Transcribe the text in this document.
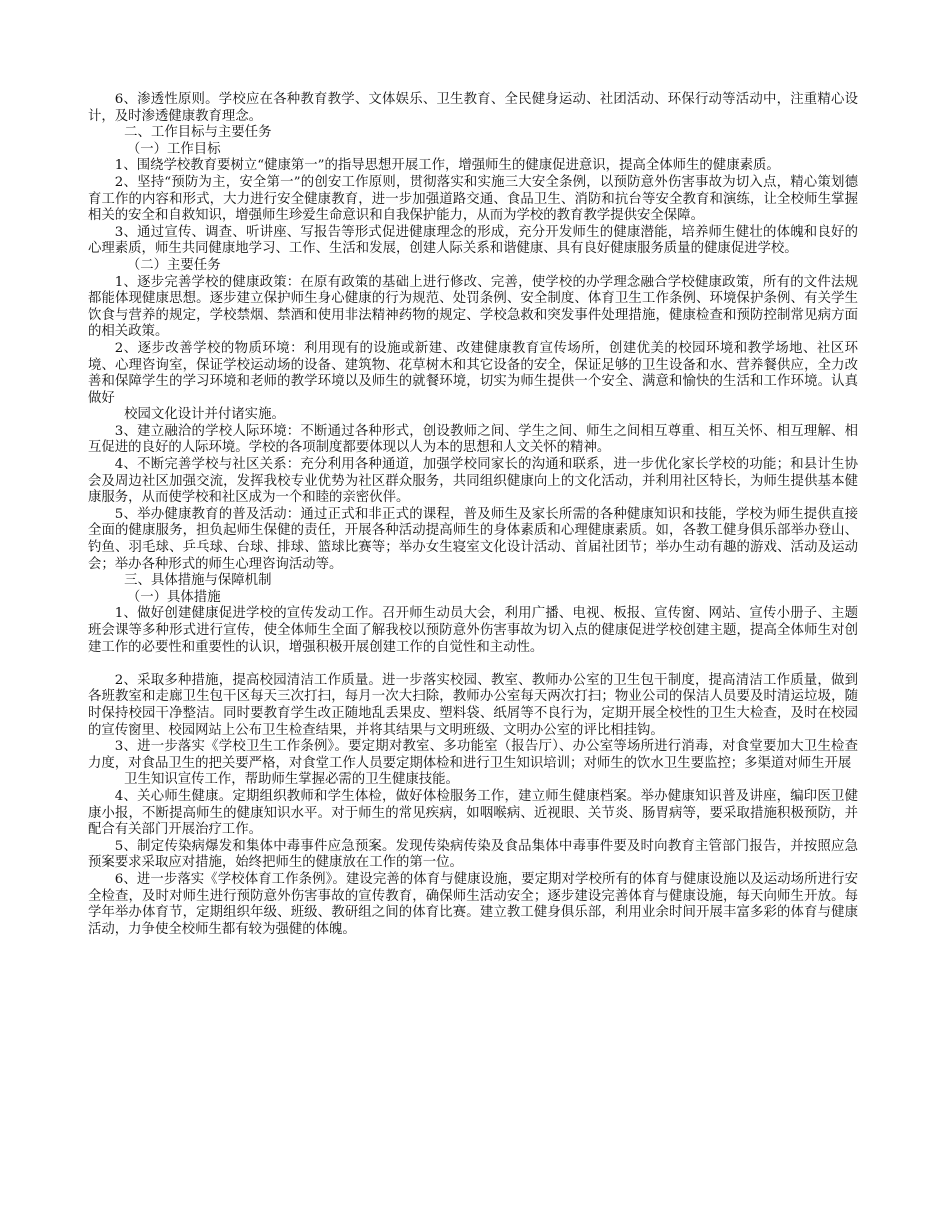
6、渗透性原则。学校应在各种教育教学、文体娱乐、卫生教育、全民健身运动、社团活动、环保行动等活动中，注重精心设计，及时渗透健康教育理念。

二、工作目标与主要任务

（一）工作目标

1、围绕学校教育要树立“健康第一”的指导思想开展工作，增强师生的健康促进意识，提高全体师生的健康素质。

2、坚持“预防为主，安全第一”的创安工作原则，贯彻落实和实施三大安全条例，以预防意外伤害事故为切入点，精心策划德育工作的内容和形式，大力进行安全健康教育，进一步加强道路交通、食品卫生、消防和抗台等安全教育和演练，让全校师生掌握相关的安全和自救知识，增强师生珍爱生命意识和自我保护能力，从而为学校的教育教学提供安全保障。

3、通过宣传、调查、听讲座、写报告等形式促进健康理念的形成，充分开发师生的健康潜能，培养师生健壮的体魄和良好的心理素质，师生共同健康地学习、工作、生活和发展，创建人际关系和谐健康、具有良好健康服务质量的健康促进学校。

（二）主要任务

1、逐步完善学校的健康政策：在原有政策的基础上进行修改、完善，使学校的办学理念融合学校健康政策，所有的文件法规都能体现健康思想。逐步建立保护师生身心健康的行为规范、处罚条例、安全制度、体育卫生工作条例、环境保护条例、有关学生饮食与营养的规定，学校禁烟、禁酒和使用非法精神药物的规定、学校急救和突发事件处理措施，健康检查和预防控制常见病方面的相关政策。

2、逐步改善学校的物质环境：利用现有的设施或新建、改建健康教育宣传场所，创建优美的校园环境和教学场地、社区环境、心理咨询室，保证学校运动场的设备、建筑物、花草树木和其它设备的安全，保证足够的卫生设备和水、营养餐供应，全力改善和保障学生的学习环境和老师的教学环境以及师生的就餐环境，切实为师生提供一个安全、满意和愉快的生活和工作环境。认真做好

校园文化设计并付诸实施。

3、建立融洽的学校人际环境：不断通过各种形式，创设教师之间、学生之间、师生之间相互尊重、相互关怀、相互理解、相互促进的良好的人际环境。学校的各项制度都要体现以人为本的思想和人文关怀的精神。

4、不断完善学校与社区关系：充分利用各种通道，加强学校同家长的沟通和联系，进一步优化家长学校的功能；和县计生协会及周边社区加强交流，发挥我校专业优势为社区群众服务，共同组织健康向上的文化活动，并利用社区特长，为师生提供基本健康服务，从而使学校和社区成为一个和睦的亲密伙伴。

5、举办健康教育的普及活动：通过正式和非正式的课程，普及师生及家长所需的各种健康知识和技能，学校为师生提供直接全面的健康服务，担负起师生保健的责任，开展各种活动提高师生的身体素质和心理健康素质。如，各教工健身俱乐部举办登山、钓鱼、羽毛球、乒乓球、台球、排球、篮球比赛等；举办女生寝室文化设计活动、首届社团节；举办生动有趣的游戏、活动及运动会；举办各种形式的师生心理咨询活动等。

三、具体措施与保障机制

（一）具体措施

1、做好创建健康促进学校的宣传发动工作。召开师生动员大会，利用广播、电视、板报、宣传窗、网站、宣传小册子、主题班会课等多种形式进行宣传，使全体师生全面了解我校以预防意外伤害事故为切入点的健康促进学校创建主题，提高全体师生对创建工作的必要性和重要性的认识，增强积极开展创建工作的自觉性和主动性。

2、采取多种措施，提高校园清洁工作质量。进一步落实校园、教室、教师办公室的卫生包干制度，提高清洁工作质量，做到各班教室和走廊卫生包干区每天三次打扫，每月一次大扫除，教师办公室每天两次打扫；物业公司的保洁人员要及时清运垃圾，随时保持校园干净整洁。同时要教育学生改正随地乱丢果皮、塑料袋、纸屑等不良行为，定期开展全校性的卫生大检查，及时在校园的宣传窗里、校园网站上公布卫生检查结果，并将其结果与文明班级、文明办公室的评比相挂钩。

3、进一步落实《学校卫生工作条例》。要定期对教室、多功能室（报告厅）、办公室等场所进行消毒，对食堂要加大卫生检查力度，对食品卫生的把关要严格，对食堂工作人员要定期体检和进行卫生知识培训；对师生的饮水卫生要监控；多渠道对师生开展

卫生知识宣传工作，帮助师生掌握必需的卫生健康技能。

4、关心师生健康。定期组织教师和学生体检，做好体检服务工作，建立师生健康档案。举办健康知识普及讲座，编印医卫健康小报，不断提高师生的健康知识水平。对于师生的常见疾病，如咽喉病、近视眼、关节炎、肠胃病等，要采取措施积极预防，并配合有关部门开展治疗工作。

5、制定传染病爆发和集体中毒事件应急预案。发现传染病传染及食品集体中毒事件要及时向教育主管部门报告，并按照应急预案要求采取应对措施，始终把师生的健康放在工作的第一位。

6、进一步落实《学校体育工作条例》。建设完善的体育与健康设施，要定期对学校所有的体育与健康设施以及运动场所进行安全检查，及时对师生进行预防意外伤害事故的宣传教育，确保师生活动安全；逐步建设完善体育与健康设施，每天向师生开放。每学年举办体育节，定期组织年级、班级、教研组之间的体育比赛。建立教工健身俱乐部，利用业余时间开展丰富多彩的体育与健康活动，力争使全校师生都有较为强健的体魄。
